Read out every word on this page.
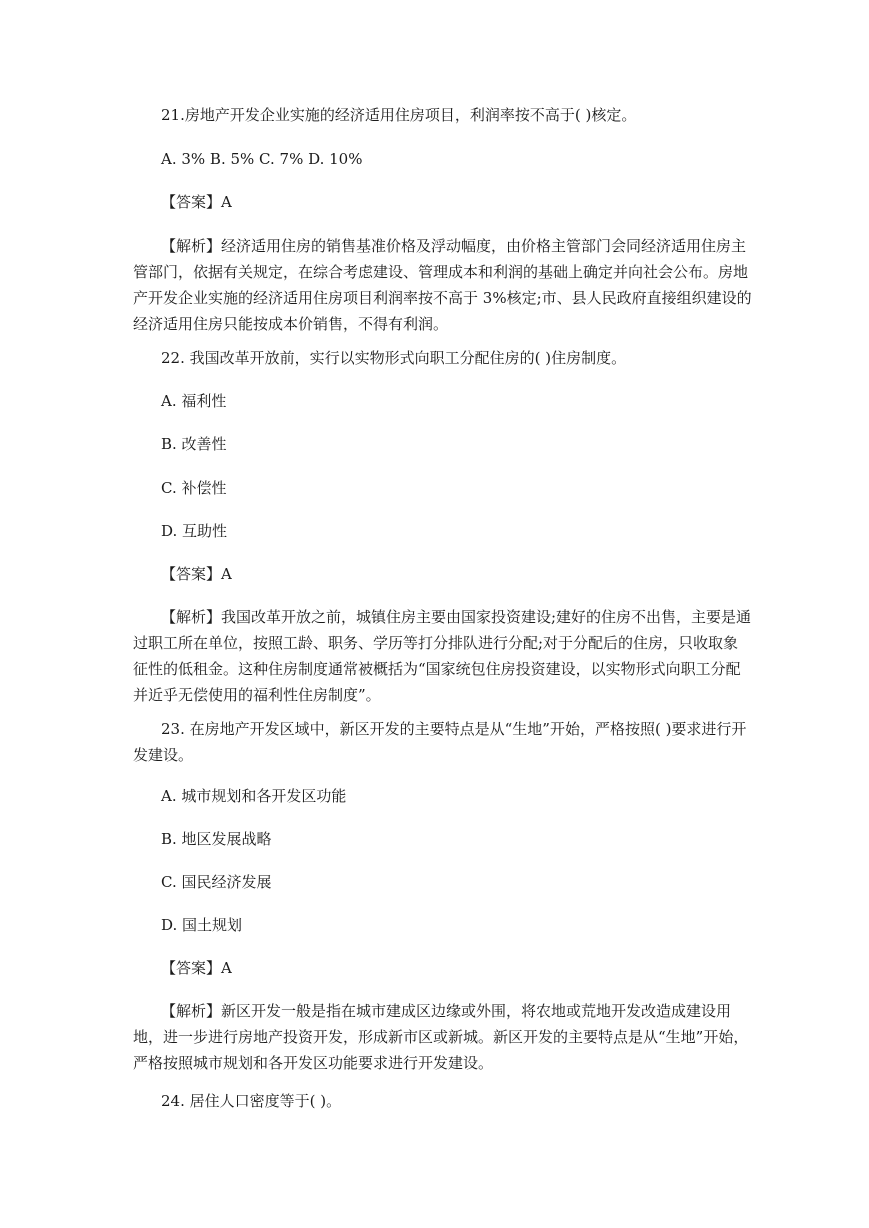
21.房地产开发企业实施的经济适用住房项目，利润率按不高于( )核定。
A. 3% B. 5% C. 7% D. 10%
【答案】A
【解析】经济适用住房的销售基准价格及浮动幅度，由价格主管部门会同经济适用住房主管部门，依据有关规定，在综合考虑建设、管理成本和利润的基础上确定并向社会公布。房地产开发企业实施的经济适用住房项目利润率按不高于 3%核定;市、县人民政府直接组织建设的经济适用住房只能按成本价销售，不得有利润。
22. 我国改革开放前，实行以实物形式向职工分配住房的( )住房制度。
A. 福利性
B. 改善性
C. 补偿性
D. 互助性
【答案】A
【解析】我国改革开放之前，城镇住房主要由国家投资建设;建好的住房不出售，主要是通过职工所在单位，按照工龄、职务、学历等打分排队进行分配;对于分配后的住房，只收取象征性的低租金。这种住房制度通常被概括为“国家统包住房投资建设，以实物形式向职工分配并近乎无偿使用的福利性住房制度”。
23. 在房地产开发区域中，新区开发的主要特点是从“生地”开始，严格按照( )要求进行开发建设。
A. 城市规划和各开发区功能
B. 地区发展战略
C. 国民经济发展
D. 国土规划
【答案】A
【解析】新区开发一般是指在城市建成区边缘或外围，将农地或荒地开发改造成建设用地，进一步进行房地产投资开发，形成新市区或新城。新区开发的主要特点是从“生地”开始，严格按照城市规划和各开发区功能要求进行开发建设。
24. 居住人口密度等于( )。
